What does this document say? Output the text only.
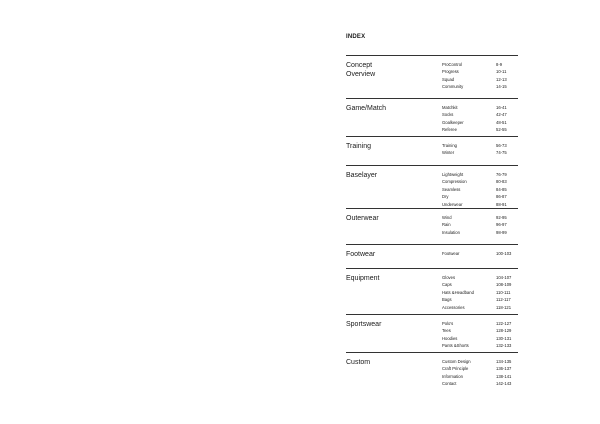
INDEX
Concept
Overview
ProControl	8-9
Progress	10-11
Squad	12-13
Community	14-15
Game/Match	Matchkit	16-41
Socks	42-47
Goalkeeper	48-51
Referee	52-55
Training	Training	56-73
Winter	74-75
Baselayer	Lightweight	76-79
Compression	80-83
Seamless	84-85
Dry	86-87
Underwear	88-91
Outerwear	Wind	92-95
Rain	96-97
Insulation	98-99
Footwear	Footwear	100-103
Equipment	Gloves	104-107
Caps	108-109
Hats &Headband	110-111
Bags	112-117
Accessories	118-121
Sportswear	Polo's	122-127
Tees	128-129
Hoodies	130-131
Pants &Shorts	132-133
Custom	Custom Design	134-135
Craft Principle	136-137
Information	138-141
Contact	142-143
